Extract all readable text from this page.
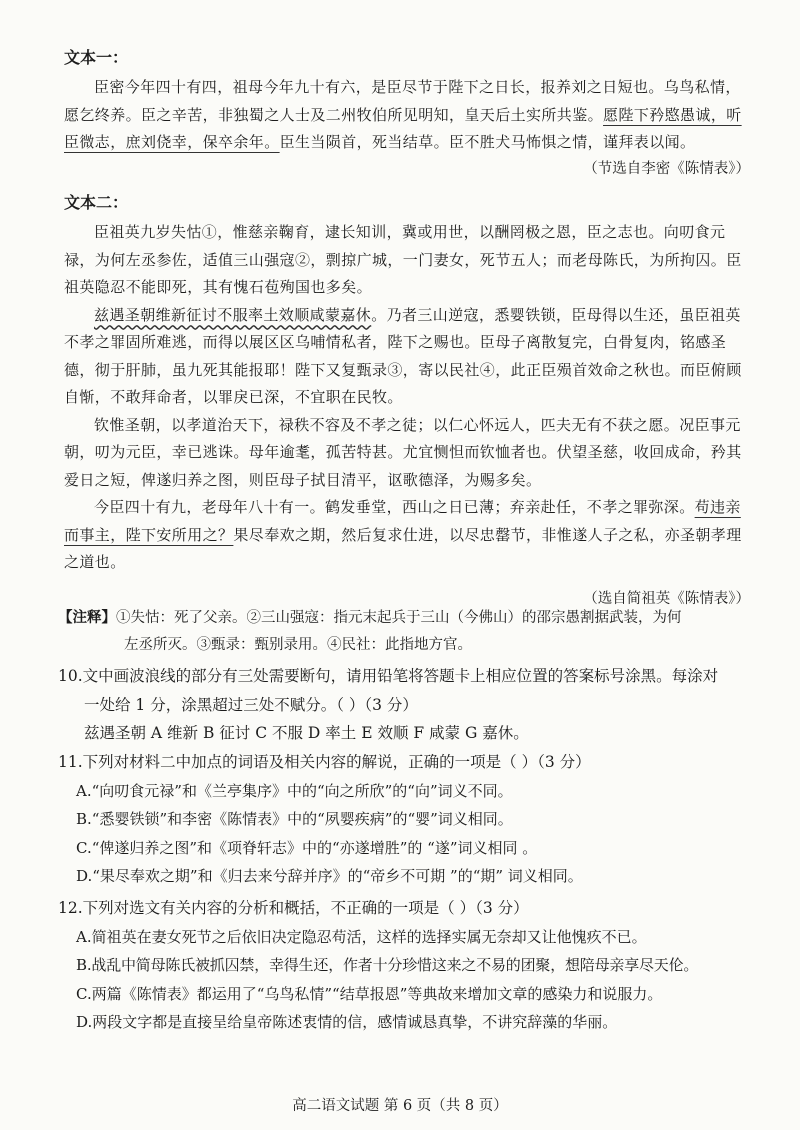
文本一：

臣密今年四十有四，祖母今年九十有六，是臣尽节于陛下之日长，报养刘之日短也。乌鸟私情，愿乞终养。臣之辛苦，非独蜀之人士及二州牧伯所见明知，皇天后土实所共鉴。愿陛下矜愍愚诚，听臣微志，庶刘侥幸，保卒余年。臣生当陨首，死当结草。臣不胜犬马怖惧之情，谨拜表以闻。

（节选自李密《陈情表》）

文本二：

臣祖英九岁失怙①，惟慈亲鞠育，逮长知训，冀或用世，以酬罔极之恩，臣之志也。向叨食元禄，为何左丞参佐，适值三山强寇②，剽掠广城，一门妻女，死节五人；而老母陈氏，为所拘囚。臣祖英隐忍不能即死，其有愧石苞殉国也多矣。

兹遇圣朝维新征讨不服率土效顺咸蒙嘉休。乃者三山逆寇，悉婴铁锁，臣母得以生还，虽臣祖英不孝之罪固所难逃，而得以展区区乌哺情私者，陛下之赐也。臣母子离散复完，白骨复肉，铭感圣德，彻于肝肺，虽九死其能报耶！陛下又复甄录③，寄以民社④，此正臣殒首效命之秋也。而臣俯顾自惭，不敢拜命者，以罪戾已深，不宜职在民牧。

钦惟圣朝，以孝道治天下，禄秩不容及不孝之徒；以仁心怀远人，匹夫无有不获之愿。况臣事元朝，叨为元臣，幸已逃诛。母年逾耄，孤苦特甚。尤宜恻怛而钦恤者也。伏望圣慈，收回成命，矜其爱日之短，俾遂归养之图，则臣母子拭目清平，讴歌德泽，为赐多矣。

今臣四十有九，老母年八十有一。鹤发垂堂，西山之日已薄；弃亲赴任，不孝之罪弥深。苟违亲而事主，陛下安所用之？果尽奉欢之期，然后复求仕进，以尽忠罄节，非惟遂人子之私，亦圣朝孝理之道也。

（选自简祖英《陈情表》）

【注释】①失怙：死了父亲。②三山强寇：指元末起兵于三山（今佛山）的邵宗愚割据武装，为何

左丞所灭。③甄录：甄别录用。④民社：此指地方官。

10.文中画波浪线的部分有三处需要断句，请用铅笔将答题卡上相应位置的答案标号涂黑。每涂对

一处给 1 分，涂黑超过三处不赋分。（ ）（3 分）

兹遇圣朝 A 维新 B 征讨 C 不服 D 率土 E 效顺 F 咸蒙 G 嘉休。

11.下列对材料二中加点的词语及相关内容的解说，正确的一项是（ ）（3 分）

A.“向叨食元禄”和《兰亭集序》中的“向之所欣”的“向”词义不同。

B.“悉婴铁锁”和李密《陈情表》中的“夙婴疾病”的“婴”词义相同。

C.“俾遂归养之图”和《项脊轩志》中的“亦遂增胜”的 “遂”词义相同 。

D.“果尽奉欢之期”和《归去来兮辞并序》的“帝乡不可期 ”的“期” 词义相同。

12.下列对选文有关内容的分析和概括，不正确的一项是（ ）（3 分）

A.简祖英在妻女死节之后依旧决定隐忍苟活，这样的选择实属无奈却又让他愧疚不已。

B.战乱中简母陈氏被抓囚禁，幸得生还，作者十分珍惜这来之不易的团聚，想陪母亲享尽天伦。

C.两篇《陈情表》都运用了“乌鸟私情”“结草报恩”等典故来增加文章的感染力和说服力。

D.两段文字都是直接呈给皇帝陈述衷情的信，感情诚恳真挚，不讲究辞藻的华丽。

高二语文试题 第 6 页（共 8 页）
